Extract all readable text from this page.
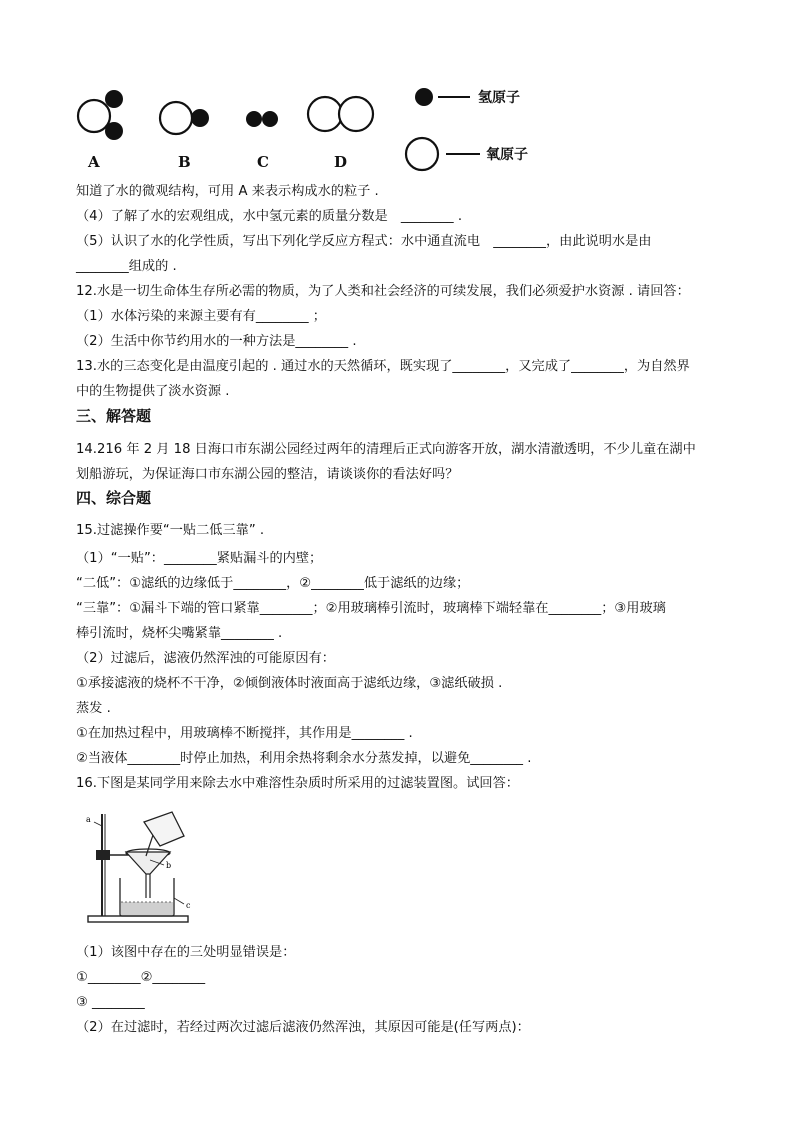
A	B	C	D
氢原子
氧原子
知道了水的微观结构，可用 A 来表示构成水的粒子 .
（4）了解了水的宏观组成，水中氢元素的质量分数是　________ .
（5）认识了水的化学性质，写出下列化学反应方程式：水中通直流电　________，由此说明水是由
________组成的 .
12.水是一切生命体生存所必需的物质，为了人类和社会经济的可续发展，我们必须爱护水资源 . 请回答：
（1）水体污染的来源主要有有________ ；
（2）生活中你节约用水的一种方法是________ .
13.水的三态变化是由温度引起的 . 通过水的天然循环，既实现了________，又完成了________，为自然界
中的生物提供了淡水资源 .
三、解答题
14.216 年 2 月 18 日海口市东湖公园经过两年的清理后正式向游客开放，湖水清澈透明，不少儿童在湖中
划船游玩，为保证海口市东湖公园的整洁，请谈谈你的看法好吗？
四、综合题
15.过滤操作要“一贴二低三靠” .
（1）“一贴”：________紧贴漏斗的内壁；
“二低”：①滤纸的边缘低于________，②________低于滤纸的边缘；
“三靠”：①漏斗下端的管口紧靠________；②用玻璃棒引流时，玻璃棒下端轻靠在________；③用玻璃
棒引流时，烧杯尖嘴紧靠________ .
（2）过滤后，滤液仍然浑浊的可能原因有：
①承接滤液的烧杯不干净，②倾倒液体时液面高于滤纸边缘，③滤纸破损 .
蒸发 .
①在加热过程中，用玻璃棒不断搅拌，其作用是________ .
②当液体________时停止加热，利用余热将剩余水分蒸发掉，以避免________ .
16.下图是某同学用来除去水中难溶性杂质时所采用的过滤装置图。试回答：
a
b
c
（1）该图中存在的三处明显错误是：
①________②________
③ ________
（2）在过滤时，若经过两次过滤后滤液仍然浑浊，其原因可能是(任写两点)：
